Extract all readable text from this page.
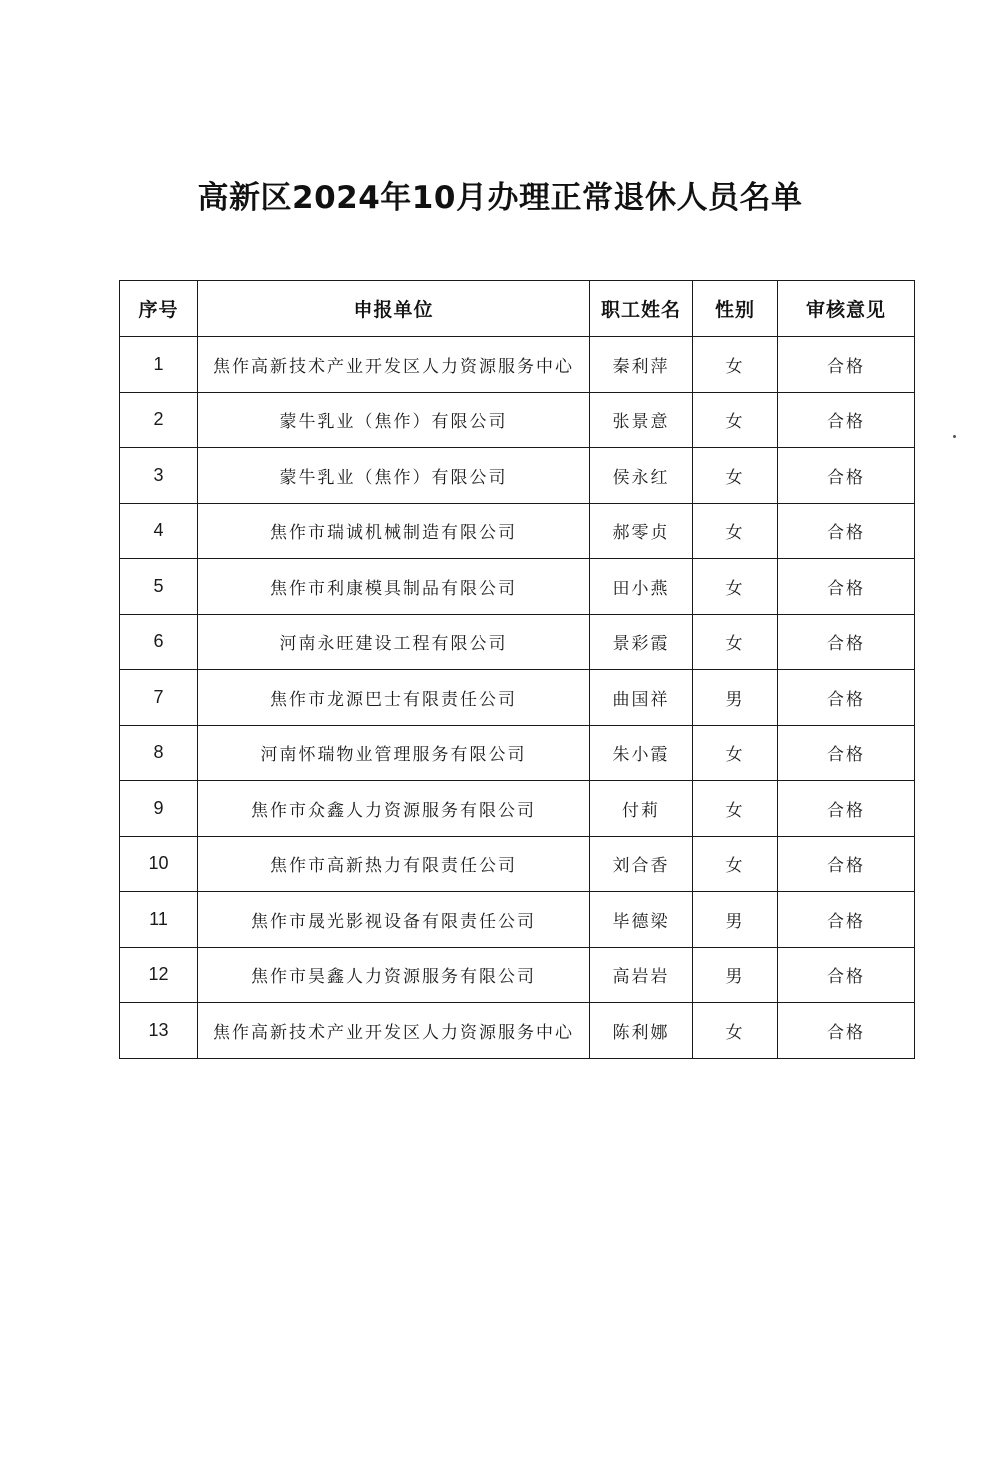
高新区2024年10月办理正常退休人员名单
序号	申报单位	职工姓名	性别	审核意见
1	焦作高新技术产业开发区人力资源服务中心	秦利萍	女	合格
2	蒙牛乳业（焦作）有限公司	张景意	女	合格
3	蒙牛乳业（焦作）有限公司	侯永红	女	合格
4	焦作市瑞诚机械制造有限公司	郝零贞	女	合格
5	焦作市利康模具制品有限公司	田小燕	女	合格
6	河南永旺建设工程有限公司	景彩霞	女	合格
7	焦作市龙源巴士有限责任公司	曲国祥	男	合格
8	河南怀瑞物业管理服务有限公司	朱小霞	女	合格
9	焦作市众鑫人力资源服务有限公司	付莉	女	合格
10	焦作市高新热力有限责任公司	刘合香	女	合格
11	焦作市晟光影视设备有限责任公司	毕德梁	男	合格
12	焦作市昊鑫人力资源服务有限公司	高岩岩	男	合格
13	焦作高新技术产业开发区人力资源服务中心	陈利娜	女	合格
